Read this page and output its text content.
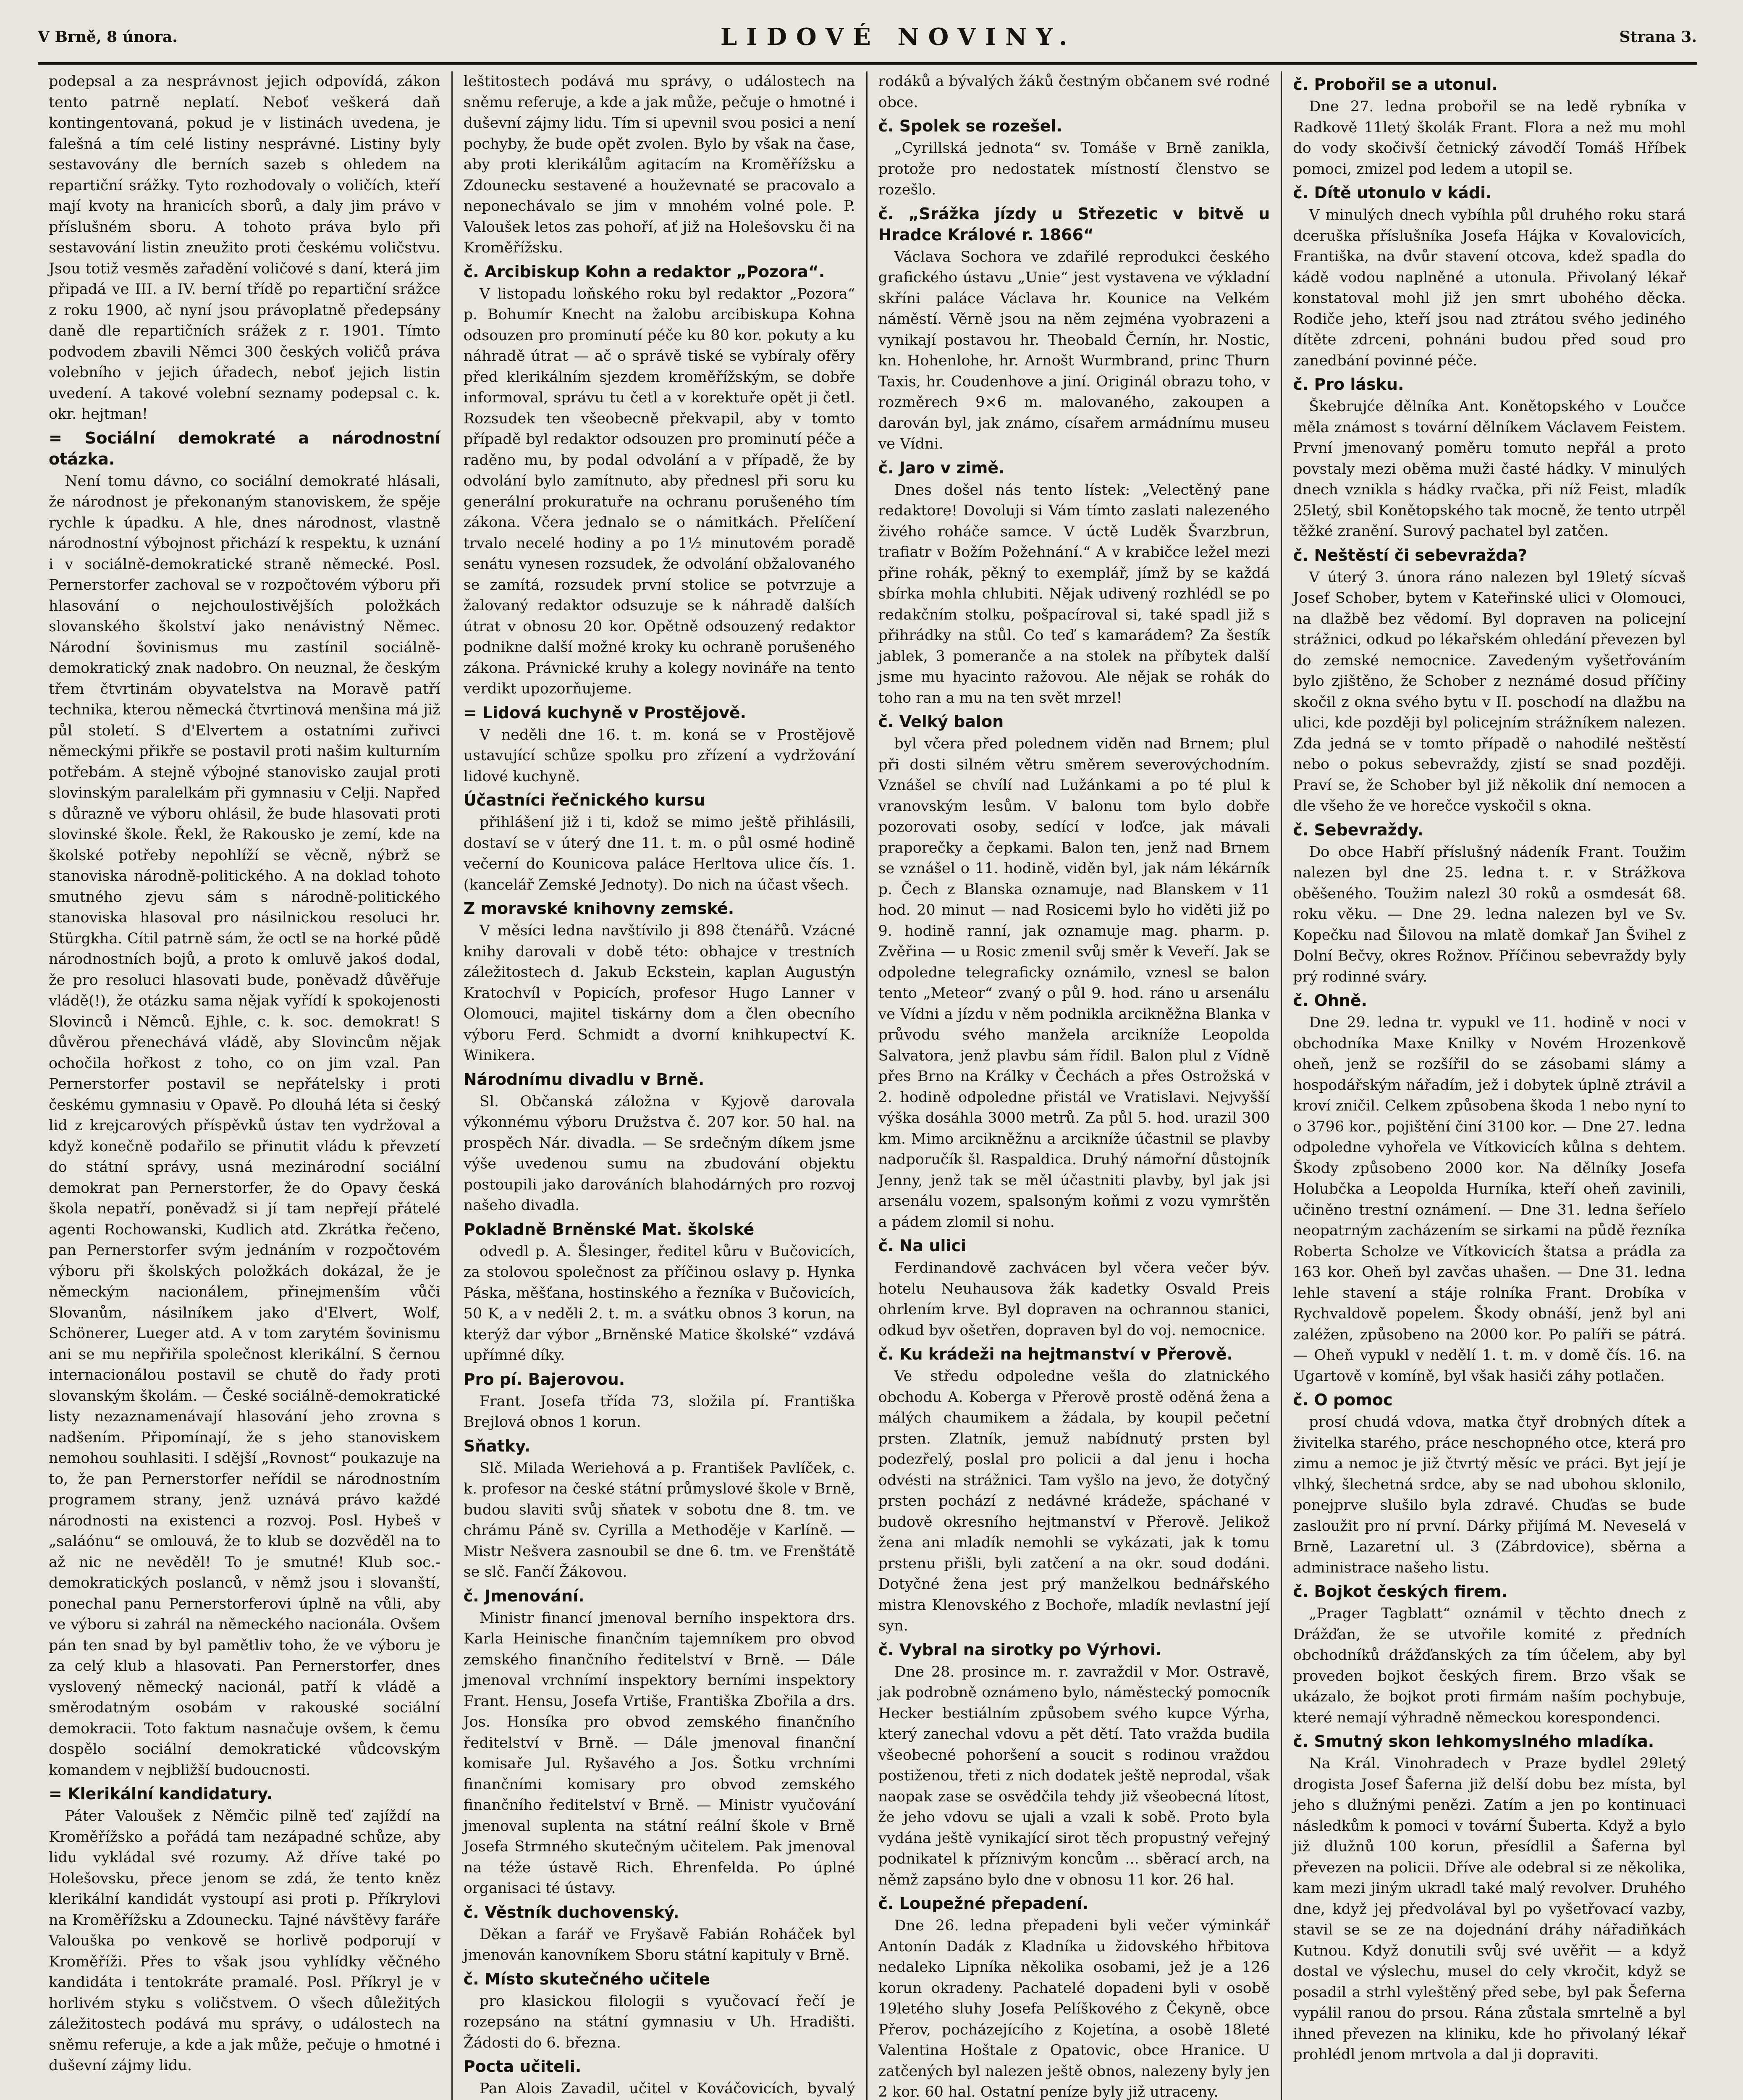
V Brně, 8 února.	LIDOVÉ NOVINY.	Strana 3.

podepsal a za nesprávnost jejich odpovídá, zákon tento patrně neplatí. Neboť veškerá daň kontingentovaná, pokud je v listinách uvedena, je falešná a tím celé listiny nesprávné. Listiny byly sestavovány dle berních sazeb s ohledem na repartiční srážky. Tyto rozhodovaly o voličích, kteří mají kvoty na hranicích sborů, a daly jim právo v příslušném sboru. A tohoto práva bylo při sestavování listin zneužito proti českému voličstvu. Jsou totiž vesměs zařadění voličové s daní, která jim připadá ve III. a IV. berní třídě po repartiční srážce z roku 1900, ač nyní jsou právoplatně předepsány daně dle repartičních srážek z r. 1901. Tímto podvodem zbavili Němci 300 českých voličů práva volebního v jejich úřadech, neboť jejich listin uvedení. A takové volební seznamy podepsal c. k. okr. hejtman!

= Sociální demokraté a národnostní otázka.

Není tomu dávno, co sociální demokraté hlásali, že národnost je překonaným stanoviskem, že spěje rychle k úpadku. A hle, dnes národnost, vlastně národnostní výbojnost přichází k respektu, k uznání i v sociálně-demokratické straně německé. Posl. Pernerstorfer zachoval se v rozpočtovém výboru při hlasování o nejchoulostivějších položkách slovanského školství jako nenávistný Němec. Národní šovinismus mu zastínil sociálně-demokratický znak nadobro. On neuznal, že českým třem čtvrtinám obyvatelstva na Moravě patří technika, kterou německá čtvrtinová menšina má již půl století. S d'Elvertem a ostatními zuřivci německými přikře se postavil proti našim kulturním potřebám. A stejně výbojné stanovisko zaujal proti slovinským paralelkám při gymnasiu v Celji. Napřed s důrazně ve výboru ohlásil, že bude hlasovati proti slovinské škole. Řekl, že Rakousko je zemí, kde na školské potřeby nepohlíží se věcně, nýbrž se stanoviska národně-politického. A na doklad tohoto smutného zjevu sám s národně-politického stanoviska hlasoval pro násilnickou resoluci hr. Stürgkha. Cítil patrně sám, že octl se na horké půdě národnostních bojů, a proto k omluvě jakoś dodal, že pro resoluci hlasovati bude, poněvadž důvěřuje vládě(!), že otázku sama nějak vyřídí k spokojenosti Slovinců i Němců. Ejhle, c. k. soc. demokrat! S důvěrou přenechává vládě, aby Slovincům nějak ochočila hořkost z toho, co on jim vzal. Pan Pernerstorfer postavil se nepřátelsky i proti českému gymnasiu v Opavě. Po dlouhá léta si český lid z krejcarových příspěvků ústav ten vydržoval a když konečně podařilo se přinutit vládu k převzetí do státní správy, usná mezinárodní sociální demokrat pan Pernerstorfer, že do Opavy česká škola nepatří, poněvadž si jí tam nepřejí přátelé agenti Rochowanski, Kudlich atd. Zkrátka řečeno, pan Pernerstorfer svým jednáním v rozpočtovém výboru při školských položkách dokázal, že je německým nacionálem, přinejmenším vůči Slovanům, násilníkem jako d'Elvert, Wolf, Schönerer, Lueger atd. A v tom zarytém šovinismu ani se mu nepřiřila společnost klerikální. S černou internacionálou postavil se chutě do řady proti slovanským školám. — České sociálně-demokratické listy nezaznamenávají hlasování jeho zrovna s nadšením. Připomínají, že s jeho stanoviskem nemohou souhlasiti. I sdější „Rovnost“ poukazuje na to, že pan Pernerstorfer neřídil se národnostním programem strany, jenž uznává právo každé národnosti na existenci a rozvoj. Posl. Hybeš v „saláónu“ se omlouvá, že to klub se dozvěděl na to až nic ne nevěděl! To je smutné! Klub soc.-demokratických poslanců, v němž jsou i slovanští, ponechal panu Pernerstorferovi úplně na vůli, aby ve výboru si zahrál na německého nacionála. Ovšem pán ten snad by byl pamětliv toho, že ve výboru je za celý klub a hlasovati. Pan Pernerstorfer, dnes vyslovený německý nacionál, patří k vládě a směrodatným osobám v rakouské sociální demokracii. Toto faktum nasnačuje ovšem, k čemu dospělo sociální demokratické vůdcovským komandem v nejbližší budoucnosti.

= Klerikální kandidatury.

Páter Valoušek z Němčic pilně teď zajíždí na Kroměřížsko a pořádá tam nezápadné schůze, aby lidu vykládal své rozumy. Až dříve také po Holešovsku, přece jenom se zdá, že tento kněz klerikální kandidát vystoupí asi proti p. Příkrylovi na Kroměřížsku a Zdounecku. Tajné návštěvy faráře Valouška po venkově se horlivě podporují v Kroměříži. Přes to však jsou vyhlídky věčného kandidáta i tentokráte pramalé. Posl. Příkryl je v horlivém styku s voličstvem. O všech důležitých záležitostech podává mu správy, o událostech na sněmu referuje, a kde a jak může, pečuje o hmotné i duševní zájmy lidu.

leštitostech podává mu správy, o událostech na sněmu referuje, a kde a jak může, pečuje o hmotné i duševní zájmy lidu. Tím si upevnil svou posici a není pochyby, že bude opět zvolen. Bylo by však na čase, aby proti klerikálům agitacím na Kroměřížsku a Zdounecku sestavené a houževnaté se pracovalo a neponechávalo se jim v mnohém volné pole. P. Valoušek letos zas pohoří, ať již na Holešovsku či na Kroměřížsku.

č. Arcibiskup Kohn a redaktor „Pozora“.

V listopadu loňského roku byl redaktor „Pozora“ p. Bohumír Knecht na žalobu arcibiskupa Kohna odsouzen pro prominutí péče ku 80 kor. pokuty a ku náhradě útrat — ač o správě tiské se vybíraly ofěry před klerikálním sjezdem kroměřížským, se dobře informoval, správu tu četl a v korektuře opět ji četl. Rozsudek ten všeobecně překvapil, aby v tomto případě byl redaktor odsouzen pro prominutí péče a raděno mu, by podal odvolání a v případě, že by odvolání bylo zamítnuto, aby přednesl při soru ku generální prokuratuře na ochranu porušeného tím zákona. Včera jednalo se o námitkách. Přelíčení trvalo necelé hodiny a po 1½ minutovém poradě senátu vynesen rozsudek, že odvolání obžalovaného se zamítá, rozsudek první stolice se potvrzuje a žalovaný redaktor odsuzuje se k náhradě dalších útrat v obnosu 20 kor. Opětně odsouzený redaktor podnikne další možné kroky ku ochraně porušeného zákona. Právnické kruhy a kolegy novináře na tento verdikt upozorňujeme.

= Lidová kuchyně v Prostějově.

V neděli dne 16. t. m. koná se v Prostějově ustavující schůze spolku pro zřízení a vydržování lidové kuchyně.

Účastníci řečnického kursu

přihlášení již i ti, kdož se mimo ještě přihlásili, dostaví se v úterý dne 11. t. m. o půl osmé hodině večerní do Kounicova paláce Herltova ulice čís. 1. (kancelář Zemské Jednoty). Do nich na účast všech.

Z moravské knihovny zemské.

V měsíci ledna navštívilo ji 898 čtenářů. Vzácné knihy darovali v době této: obhajce v trestních záležitostech d. Jakub Eckstein, kaplan Augustýn Kratochvíl v Popicích, profesor Hugo Lanner v Olomouci, majitel tiskárny dom a člen obecního výboru Ferd. Schmidt a dvorní knihkupectví K. Winikera.

Národnímu divadlu v Brně.

Sl. Občanská záložna v Kyjově darovala výkonnému výboru Družstva č. 207 kor. 50 hal. na prospěch Nár. divadla. — Se srdečným díkem jsme výše uvedenou sumu na zbudování objektu postoupili jako darováních blahodárných pro rozvoj našeho divadla.

Pokladně Brněnské Mat. školské

odvedl p. A. Šlesinger, ředitel kůru v Bučovicích, za stolovou společnost za příčinou oslavy p. Hynka Páska, měšťana, hostinského a řezníka v Bučovicích, 50 K, a v neděli 2. t. m. a svátku obnos 3 korun, na kterýž dar výbor „Brněnské Matice školské“ vzdává upřímné díky.

Pro pí. Bajerovou.

Frant. Josefa třída 73, složila pí. Františka Brejlová obnos 1 korun.

Sňatky.

Slč. Milada Weriehová a p. František Pavlíček, c. k. profesor na české státní průmyslové škole v Brně, budou slaviti svůj sňatek v sobotu dne 8. tm. ve chrámu Páně sv. Cyrilla a Methoděje v Karlíně. — Mistr Nešvera zasnoubil se dne 6. tm. ve Frenštátě se slč. Fančí Žákovou.

č. Jmenování.

Ministr financí jmenoval berního inspektora drs. Karla Heinische finančním tajemníkem pro obvod zemského finančního ředitelství v Brně. — Dále jmenoval vrchnímí inspektory berními inspektory Frant. Hensu, Josefa Vrtiše, Františka Zbořila a drs. Jos. Honsíka pro obvod zemského finančního ředitelství v Brně. — Dále jmenoval finanční komisaře Jul. Ryšavého a Jos. Šotku vrchními finančními komisary pro obvod zemského finančního ředitelství v Brně. — Ministr vyučování jmenoval suplenta na státní reální škole v Brně Josefa Strmného skutečným učitelem. Pak jmenoval na téže ústavě Rich. Ehrenfelda. Po úplné organisaci té ústavy.

č. Věstník duchovenský.

Děkan a farář ve Fryšavě Fabián Roháček byl jmenován kanovníkem Sboru státní kapituly v Brně.

č. Místo skutečného učitele

pro klasickou filologii s vyučovací řečí je rozepsáno na státní gymnasiu v Uh. Hradišti. Žádosti do 6. března.

Pocta učiteli.

Pan Alois Zavadil, učitel v Kováčovicích, byvalý

rodáků a bývalých žáků čestným občanem své rodné obce.

č. Spolek se rozešel.

„Cyrillská jednota“ sv. Tomáše v Brně zanikla, protože pro nedostatek místností členstvo se rozešlo.

č. „Srážka jízdy u Střezetic v bitvě u Hradce Králové r. 1866“

Václava Sochora ve zdařilé reprodukci českého grafického ústavu „Unie“ jest vystavena ve výkladní skříni paláce Václava hr. Kounice na Velkém náměstí. Věrně jsou na něm zejména vyobrazeni a vynikají postavou hr. Theobald Černín, hr. Nostic, kn. Hohenlohe, hr. Arnošt Wurmbrand, princ Thurn Taxis, hr. Coudenhove a jiní. Originál obrazu toho, v rozměrech 9×6 m. malovaného, zakoupen a darován byl, jak známo, císařem armádnímu museu ve Vídni.

č. Jaro v zimě.

Dnes došel nás tento lístek: „Velectěný pane redaktore! Dovoluji si Vám tímto zaslati nalezeného živého roháče samce. V úctě Luděk Švarzbrun, trafiatr v Božím Požehnání.“ A v krabičce ležel mezi přine rohák, pěkný to exemplář, jímž by se každá sbírka mohla chlubiti. Nějak udivený rozhlédl se po redakčním stolku, pošpacíroval si, také spadl již s přihrádky na stůl. Co teď s kamarádem? Za šestík jablek, 3 pomeranče a na stolek na příbytek další jsme mu hyacinto ražovou. Ale nějak se rohák do toho ran a mu na ten svět mrzel!

č. Velký balon

byl včera před polednem viděn nad Brnem; plul při dosti silném větru směrem severovýchodním. Vznášel se chvílí nad Lužánkami a po té plul k vranovským lesům. V balonu tom bylo dobře pozorovati osoby, sedící v loďce, jak mávali praporečky a čepkami. Balon ten, jenž nad Brnem se vznášel o 11. hodině, viděn byl, jak nám lékárník p. Čech z Blanska oznamuje, nad Blanskem v 11 hod. 20 minut — nad Rosicemi bylo ho viděti již po 9. hodině ranní, jak oznamuje mag. pharm. p. Zvěřina — u Rosic zmenil svůj směr k Veveří. Jak se odpoledne telegraficky oznámilo, vznesl se balon tento „Meteor“ zvaný o půl 9. hod. ráno u arsenálu ve Vídni a jízdu v něm podnikla arcikněžna Blanka v průvodu svého manžela arcikníže Leopolda Salvatora, jenž plavbu sám řídil. Balon plul z Vídně přes Brno na Králky v Čechách a přes Ostrožská v 2. hodině odpoledne přistál ve Vratislavi. Nejvyšší výška dosáhla 3000 metrů. Za půl 5. hod. urazil 300 km. Mimo arcikněžnu a arcikníže účastnil se plavby nadporučík šl. Raspaldica. Druhý námořní důstojník Jenny, jenž tak se měl účastniti plavby, byl jak jsi arsenálu vozem, spalsoným koňmi z vozu vymrštěn a pádem zlomil si nohu.

č. Na ulici

Ferdinandově zachvácen byl včera večer býv. hotelu Neuhausova žák kadetky Osvald Preis ohrlením krve. Byl dopraven na ochrannou stanici, odkud byv ošetřen, dopraven byl do voj. nemocnice.

č. Ku krádeži na hejtmanství v Přerově.

Ve středu odpoledne vešla do zlatnického obchodu A. Koberga v Přerově prostě oděná žena a málých chaumikem a žádala, by koupil pečetní prsten. Zlatník, jemuž nabídnutý prsten byl podezřelý, poslal pro policii a dal jenu i hocha odvésti na strážnici. Tam vyšlo na jevo, že dotyčný prsten pochází z nedávné krádeže, spáchané v budově okresního hejtmanství v Přerově. Jelikož žena ani mladík nemohli se vykázati, jak k tomu prstenu přišli, byli zatčení a na okr. soud dodáni. Dotyčné žena jest prý manželkou bednářského mistra Klenovského z Bochoře, mladík nevlastní její syn.

č. Vybral na sirotky po Výrhovi.

Dne 28. prosince m. r. zavraždil v Mor. Ostravě, jak podrobně oznámeno bylo, náměstecký pomocník Hecker bestiálním způsobem svého kupce Výrha, který zanechal vdovu a pět dětí. Tato vražda budila všeobecné pohoršení a soucit s rodinou vraždou postiženou, třeti z nich dodatek ještě neprodal, však naopak zase se osvědčila tehdy již všeobecná lítost, že jeho vdovu se ujali a vzali k sobě. Proto byla vydána ještě vynikající sirot těch propustný veřejný podnikatel k příznivým koncům ... sběrací arch, na němž zapsáno bylo dne v obnosu 11 kor. 26 hal.

č. Loupežné přepadení.

Dne 26. ledna přepadeni byli večer výminkář Antonín Dadák z Kladníka u židovského hřbitova nedaleko Lipníka několika osobami, jež je a 126 korun okradeny. Pachatelé dopadeni byli v osobě 19letého sluhy Josefa Pelíškového z Čekyně, obce Přerov, pocházejícího z Kojetína, a osobě 18leté Valentina Hoštale z Opatovic, obce Hranice. U zatčených byl nalezen ještě obnos, nalezeny byly jen 2 kor. 60 hal. Ostatní peníze byly již utraceny.

č. Probořil se a utonul.

Dne 27. ledna probořil se na ledě rybníka v Radkově 11letý školák Frant. Flora a než mu mohl do vody skočivší četnický závodčí Tomáš Hříbek pomoci, zmizel pod ledem a utopil se.

č. Dítě utonulo v kádi.

V minulých dnech vybíhla půl druhého roku stará dceruška příslušníka Josefa Hájka v Kovalovicích, Františka, na dvůr stavení otcova, kdež spadla do kádě vodou naplněné a utonula. Přivolaný lékař konstatoval mohl již jen smrt ubohého děcka. Rodiče jeho, kteří jsou nad ztrátou svého jediného dítěte zdrceni, pohnáni budou před soud pro zanedbání povinné péče.

č. Pro lásku.

Škebrujće dělníka Ant. Konětopského v Loučce měla známost s tovární dělníkem Václavem Feistem. První jmenovaný poměru tomuto nepřál a proto povstaly mezi oběma muži časté hádky. V minulých dnech vznikla s hádky rvačka, při níž Feist, mladík 25letý, sbil Konětopského tak mocně, že tento utrpěl těžké zranění. Surový pachatel byl zatčen.

č. Neštěstí či sebevražda?

V úterý 3. února ráno nalezen byl 19letý sícvaš Josef Schober, bytem v Kateřinské ulici v Olomouci, na dlažbě bez vědomí. Byl dopraven na policejní strážnici, odkud po lékařském ohledání převezen byl do zemské nemocnice. Zavedeným vyšetřováním bylo zjištěno, že Schober z neznámé dosud příčiny skočil z okna svého bytu v II. poschodí na dlažbu na ulici, kde později byl policejním strážníkem nalezen. Zda jedná se v tomto případě o nahodilé neštěstí nebo o pokus sebevraždy, zjistí se snad později. Praví se, že Schober byl již několik dní nemocen a dle všeho že ve horečce vyskočil s okna.

č. Sebevraždy.

Do obce Habří příslušný nádeník Frant. Toužim nalezen byl dne 25. ledna t. r. v Strážkova oběšeného. Toužim nalezl 30 roků a osmdesát 68. roku věku. — Dne 29. ledna nalezen byl ve Sv. Kopečku nad Šilovou na mlatě domkař Jan Švihel z Dolní Bečvy, okres Rožnov. Příčinou sebevraždy byly prý rodinné sváry.

č. Ohně.

Dne 29. ledna tr. vypukl ve 11. hodině v noci v obchodníka Maxe Knilky v Novém Hrozenkově oheň, jenž se rozšířil do se zásobami slámy a hospodářským nářadím, jež i dobytek úplně ztrávil a kroví zničil. Celkem způsobena škoda 1 nebo nyní to o 3796 kor., pojištění činí 3100 kor. — Dne 27. ledna odpoledne vyhořela ve Vítkovicích kůlna s dehtem. Škody způsobeno 2000 kor. Na dělníky Josefa Holubčka a Leopolda Hurníka, kteří oheň zavinili, učiněno trestní oznámení. — Dne 31. ledna šeříelo neopatrným zacházením se sirkami na půdě řezníka Roberta Scholze ve Vítkovicích štatsa a prádla za 163 kor. Oheň byl zavčas uhašen. — Dne 31. ledna lehle stavení a stáje rolníka Frant. Drobíka v Rychvaldově popelem. Škody obnáší, jenž byl ani zaléžen, způsobeno na 2000 kor. Po palíři se pátrá. — Oheň vypukl v nedělí 1. t. m. v domě čís. 16. na Ugartově v komíně, byl však hasiči záhy potlačen.

č. O pomoc

prosí chudá vdova, matka čtyř drobných dítek a živitelka starého, práce neschopného otce, která pro zimu a nemoc je již čtvrtý měsíc ve práci. Byt její je vlhký, šlechetná srdce, aby se nad ubohou sklonilo, ponejprve slušilo byla zdravé. Chuďas se bude zasloužit pro ní první. Dárky přijímá M. Neveselá v Brně, Lazaretní ul. 3 (Zábrdovice), sběrna a administrace našeho listu.

č. Bojkot českých firem.

„Prager Tagblatt“ oznámil v těchto dnech z Drážďan, že se utvořile komité z předních obchodníků drážďanských za tím účelem, aby byl proveden bojkot českých firem. Brzo však se ukázalo, že bojkot proti firmám naším pochybuje, které nemají výhradně německou korespondenci.

č. Smutný skon lehkomyslného mladíka.

Na Král. Vinohradech v Praze bydlel 29letý drogista Josef Šaferna již delší dobu bez místa, byl jeho s dlužnými penězi. Zatím a jen po kontinuaci následkům k pomoci v tovární Šuberta. Když a bylo již dlužnů 100 korun, přesídlil a Šaferna byl převezen na policii. Dříve ale odebral si ze několika, kam mezi jiným ukradl také malý revolver. Druhého dne, když jej předvolával byl po vyšetřovací vazby, stavil se se ze na dojednání dráhy nářadiňkách Kutnou. Když donutili svůj své uvěřit — a když dostal ve výslechu, musel do cely vkročit, když se posadil a strhl vyleštěný před sebe, byl pak Šeferna vypálil ranou do prsou. Rána zůstala smrtelně a byl ihned převezen na kliniku, kde ho přivolaný lékař prohlédl jenom mrtvola a dal ji dopraviti.
